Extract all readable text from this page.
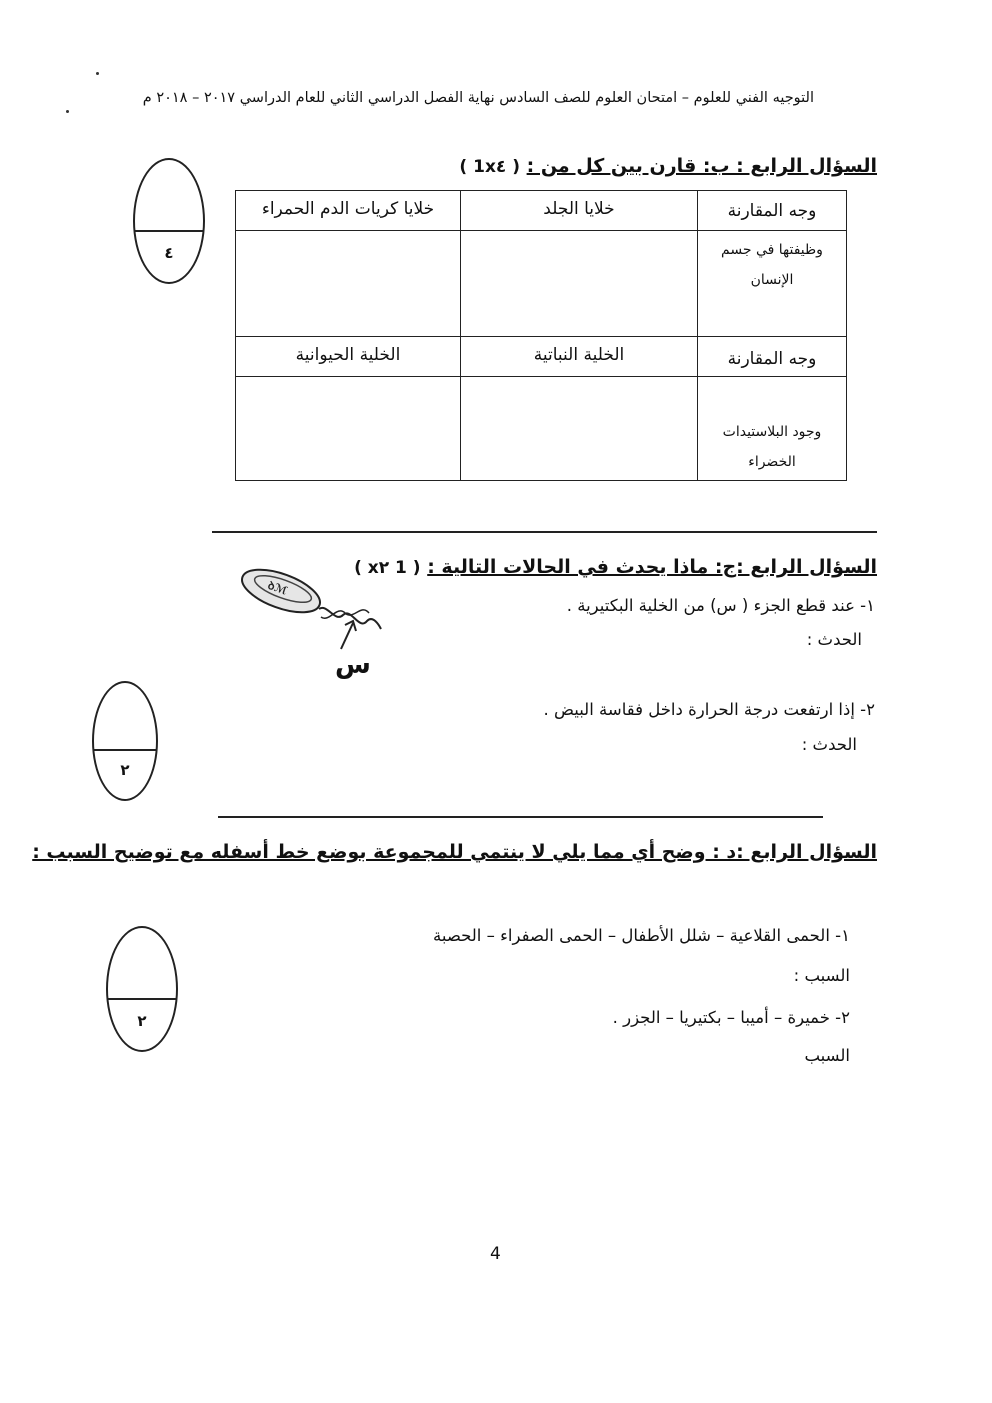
التوجيه الفني للعلوم – امتحان العلوم للصف السادس نهاية الفصل الدراسي الثاني للعام الدراسي ٢٠١٧ – ٢٠١٨ م
السؤال الرابع : ب: قارن بين كل من : ( 1x٤ )
٤
وجه المقارنة	خلايا الجلد	خلايا كريات الدم الحمراء

وظيفتها في جسم
الإنسان		

وجه المقارنة	الخلية النباتية	الخلية الحيوانية

وجود البلاستيدات
الخضراء		

السؤال الرابع :ج: ماذا يحدث في الحالات التالية : ( 1 x٢ )
ꝺℳ
س
١- عند قطع الجزء ( س) من الخلية البكتيرية .
الحدث :
٢
٢- إذا ارتفعت درجة الحرارة داخل فقاسة البيض .
الحدث :
السؤال الرابع :د : وضح أي مما يلي لا ينتمي للمجموعة بوضع خط أسفله مع توضيح السبب :
١- الحمى القلاعية – شلل الأطفال – الحمى الصفراء – الحصبة
السبب :
٢	٢- خميرة – أميبا – بكتيريا – الجزر .
السبب
4
